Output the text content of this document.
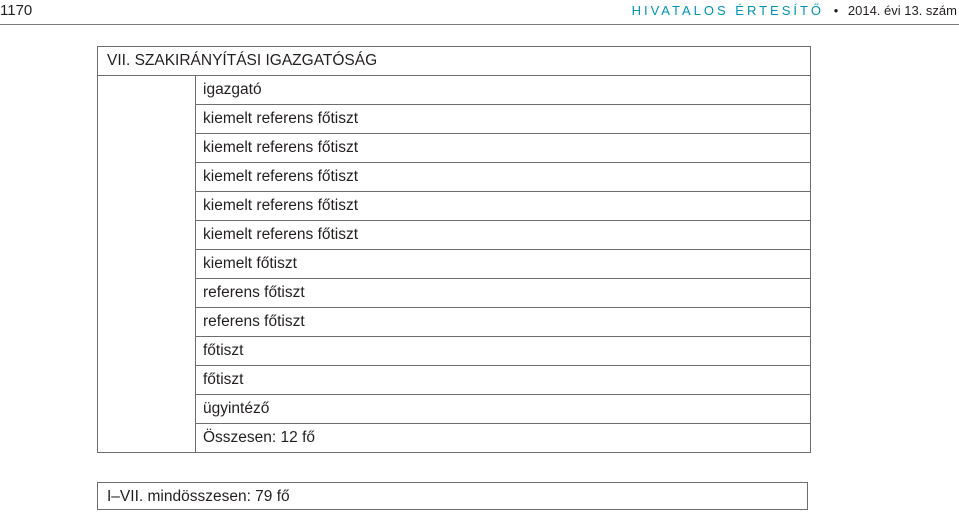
1170	HIVATALOS ÉRTESÍTŐ • 2014. évi 13. szám
VII. SZAKIRÁNYÍTÁSI IGAZGATÓSÁG	
	igazgató
	kiemelt referens főtiszt
	kiemelt referens főtiszt
	kiemelt referens főtiszt
	kiemelt referens főtiszt
	kiemelt referens főtiszt
	kiemelt főtiszt
	referens főtiszt
	referens főtiszt
	főtiszt
	főtiszt
	ügyintéző
	Összesen: 12 fő
I–VII. mindösszesen: 79 fő
